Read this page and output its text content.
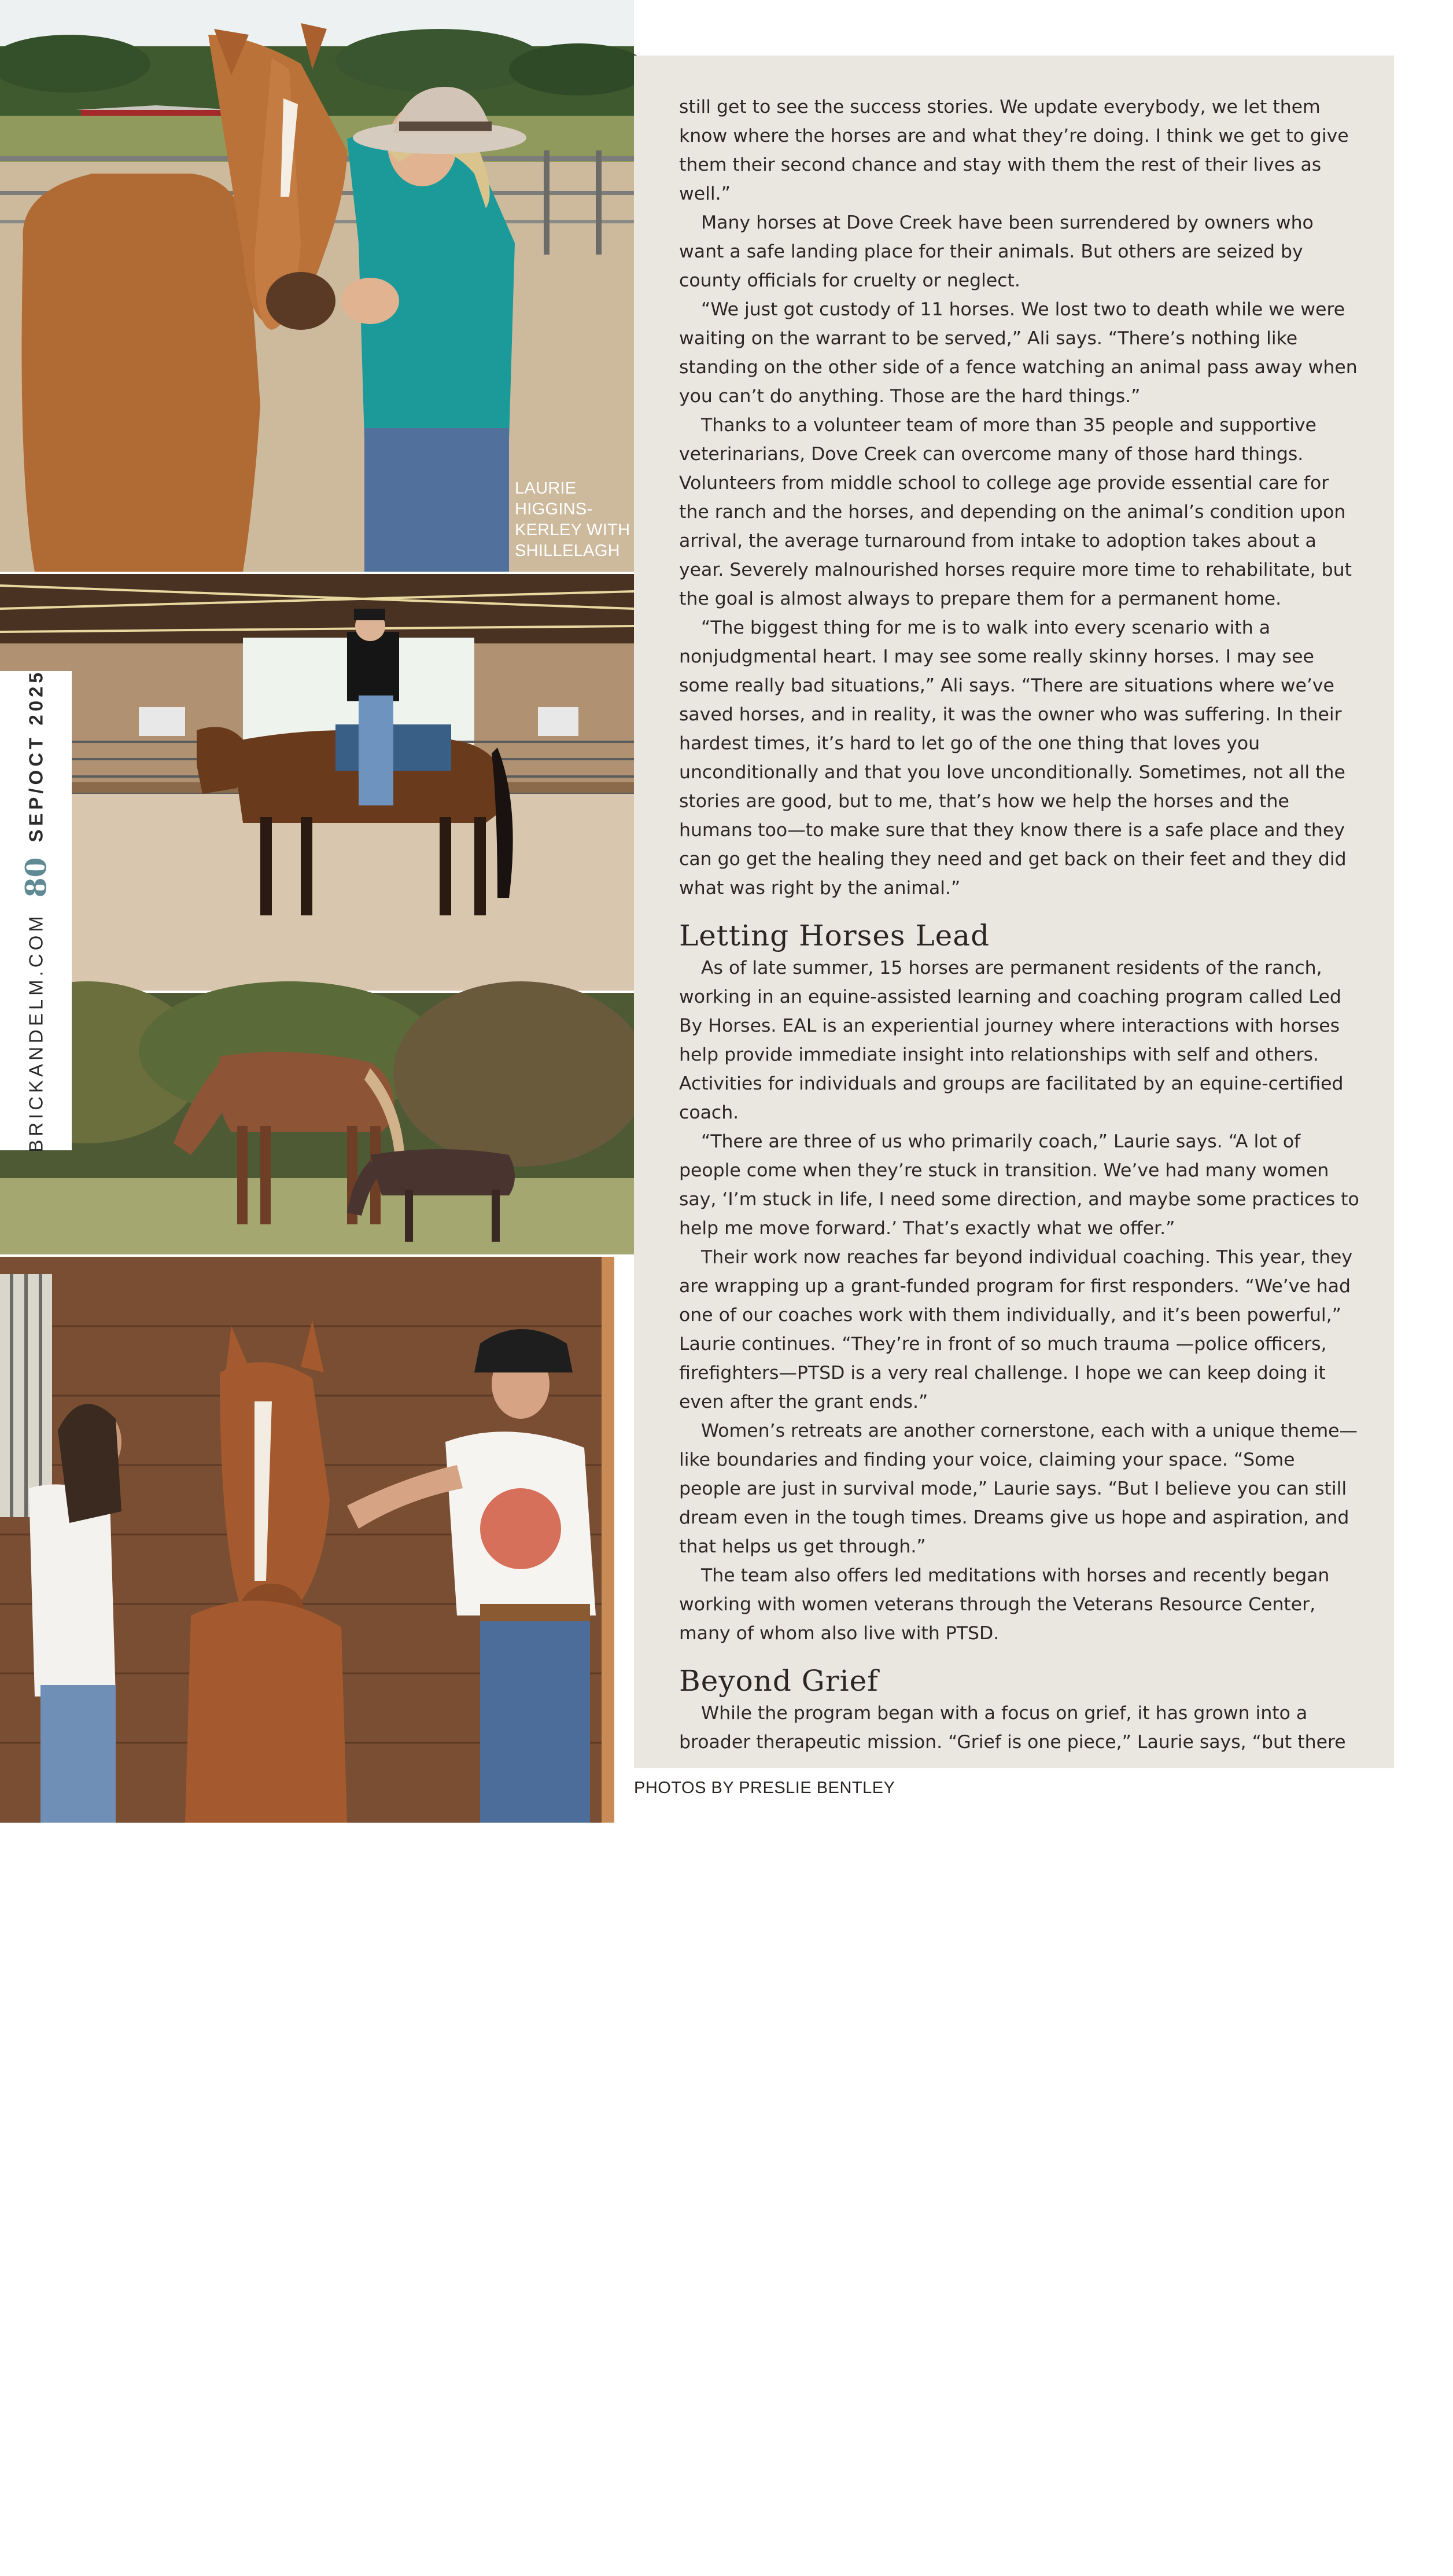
LAURIE
HIGGINS-
KERLEY WITH
SHILLELAGH
NOVA, WHOSE STORY HAS GONE VIRAL ON SOCIAL MEDIA,
WITH ALI MCEWEN AND VOLUNTEER NATALIE FULLER
BRICKANDELM.COM
80
SEP/OCT 2025

still get to see the success stories. We update everybody, we let them know where the horses are and what they’re doing. I think we get to give them their second chance and stay with them the rest of their lives as well.”

Many horses at Dove Creek have been surrendered by owners who want a safe landing place for their animals. But others are seized by county officials for cruelty or neglect.

“We just got custody of 11 horses. We lost two to death while we were waiting on the warrant to be served,” Ali says. “There’s nothing like standing on the other side of a fence watching an animal pass away when you can’t do anything. Those are the hard things.”

Thanks to a volunteer team of more than 35 people and supportive veterinarians, Dove Creek can overcome many of those hard things. Volunteers from middle school to college age provide essential care for the ranch and the horses, and depending on the animal’s condition upon arrival, the average turnaround from intake to adoption takes about a year. Severely malnourished horses require more time to rehabilitate, but the goal is almost always to prepare them for a permanent home.

“The biggest thing for me is to walk into every scenario with a nonjudgmental heart. I may see some really skinny horses. I may see some really bad situations,” Ali says. “There are situations where we’ve saved horses, and in reality, it was the owner who was suffering. In their hardest times, it’s hard to let go of the one thing that loves you unconditionally and that you love unconditionally. Sometimes, not all the stories are good, but to me, that’s how we help the horses and the humans too—to make sure that they know there is a safe place and they can go get the healing they need and get back on their feet and they did what was right by the animal.”

Letting Horses Lead

As of late summer, 15 horses are permanent residents of the ranch, working in an equine-assisted learning and coaching program called Led By Horses. EAL is an experiential journey where interactions with horses help provide immediate insight into relationships with self and others. Activities for individuals and groups are facilitated by an equine-certified coach.

“There are three of us who primarily coach,” Laurie says. “A lot of people come when they’re stuck in transition. We’ve had many women say, ‘I’m stuck in life, I need some direction, and maybe some practices to help me move forward.’ That’s exactly what we offer.”

Their work now reaches far beyond individual coaching. This year, they are wrapping up a grant-funded program for first responders. “We’ve had one of our coaches work with them individually, and it’s been powerful,” Laurie continues. “They’re in front of so much trauma —police officers, firefighters—PTSD is a very real challenge. I hope we can keep doing it even after the grant ends.”

Women’s retreats are another cornerstone, each with a unique theme—like boundaries and finding your voice, claiming your space. “Some people are just in survival mode,” Laurie says. “But I believe you can still dream even in the tough times. Dreams give us hope and aspiration, and that helps us get through.”

The team also offers led meditations with horses and recently began working with women veterans through the Veterans Resource Center, many of whom also live with PTSD.

Beyond Grief

While the program began with a focus on grief, it has grown into a broader therapeutic mission. “Grief is one piece,” Laurie says, “but there

PHOTOS BY PRESLIE BENTLEY
